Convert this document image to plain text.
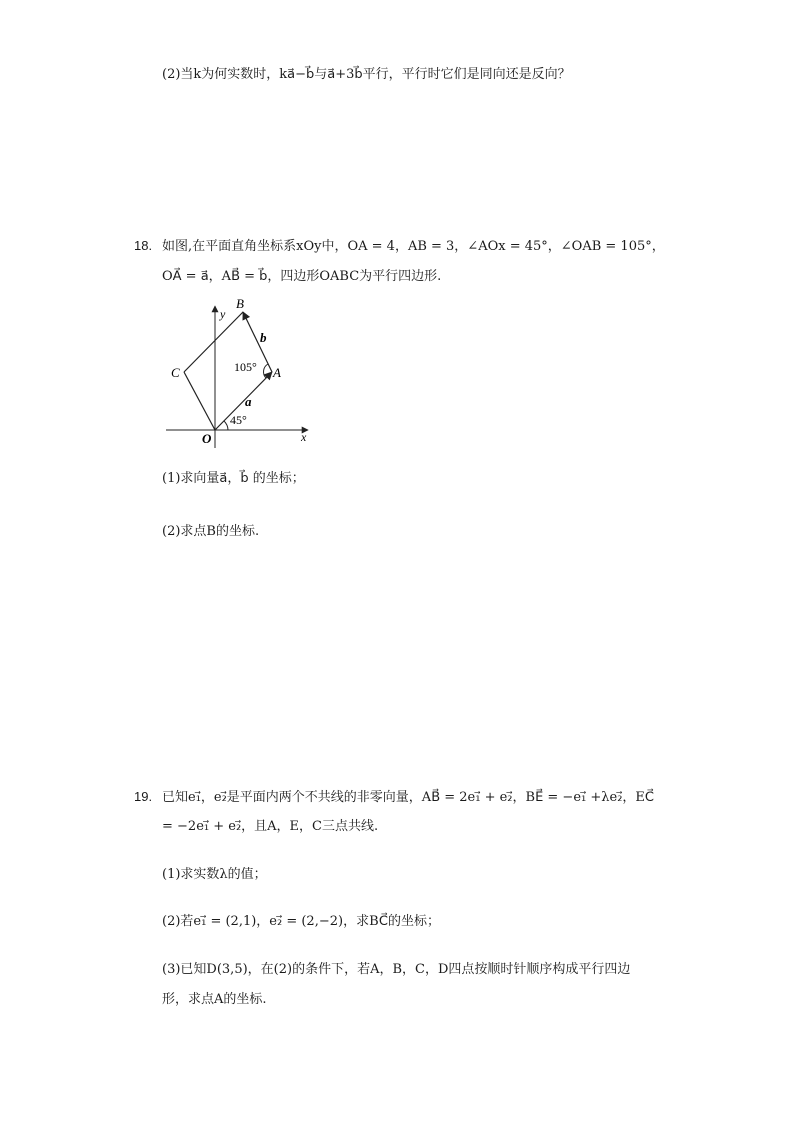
(2)当k为何实数时，ka⃗−b⃗与a⃗+3b⃗平行，平行时它们是同向还是反向？
18. 如图,在平面直角坐标系xOy中，OA = 4，AB = 3，∠AOx = 45°，∠OAB = 105°，
OA⃗ = a⃗，AB⃗ = b⃗，四边形OABC为平行四边形.
B
y
b
C	105° A
a
45°
O	x
(1)求向量a⃗，b⃗ 的坐标；
(2)求点B的坐标.
19. 已知e₁⃗，e₂⃗是平面内两个不共线的非零向量，AB⃗ = 2e₁⃗ + e₂⃗，BE⃗ = −e₁⃗ +λe₂⃗，EC⃗
= −2e₁⃗ + e₂⃗，且A，E，C三点共线.
(1)求实数λ的值；
(2)若e₁⃗ = (2,1)，e₂⃗ = (2,−2)，求BC⃗的坐标；
(3)已知D(3,5)，在(2)的条件下，若A，B，C，D四点按顺时针顺序构成平行四边
形，求点A的坐标.
